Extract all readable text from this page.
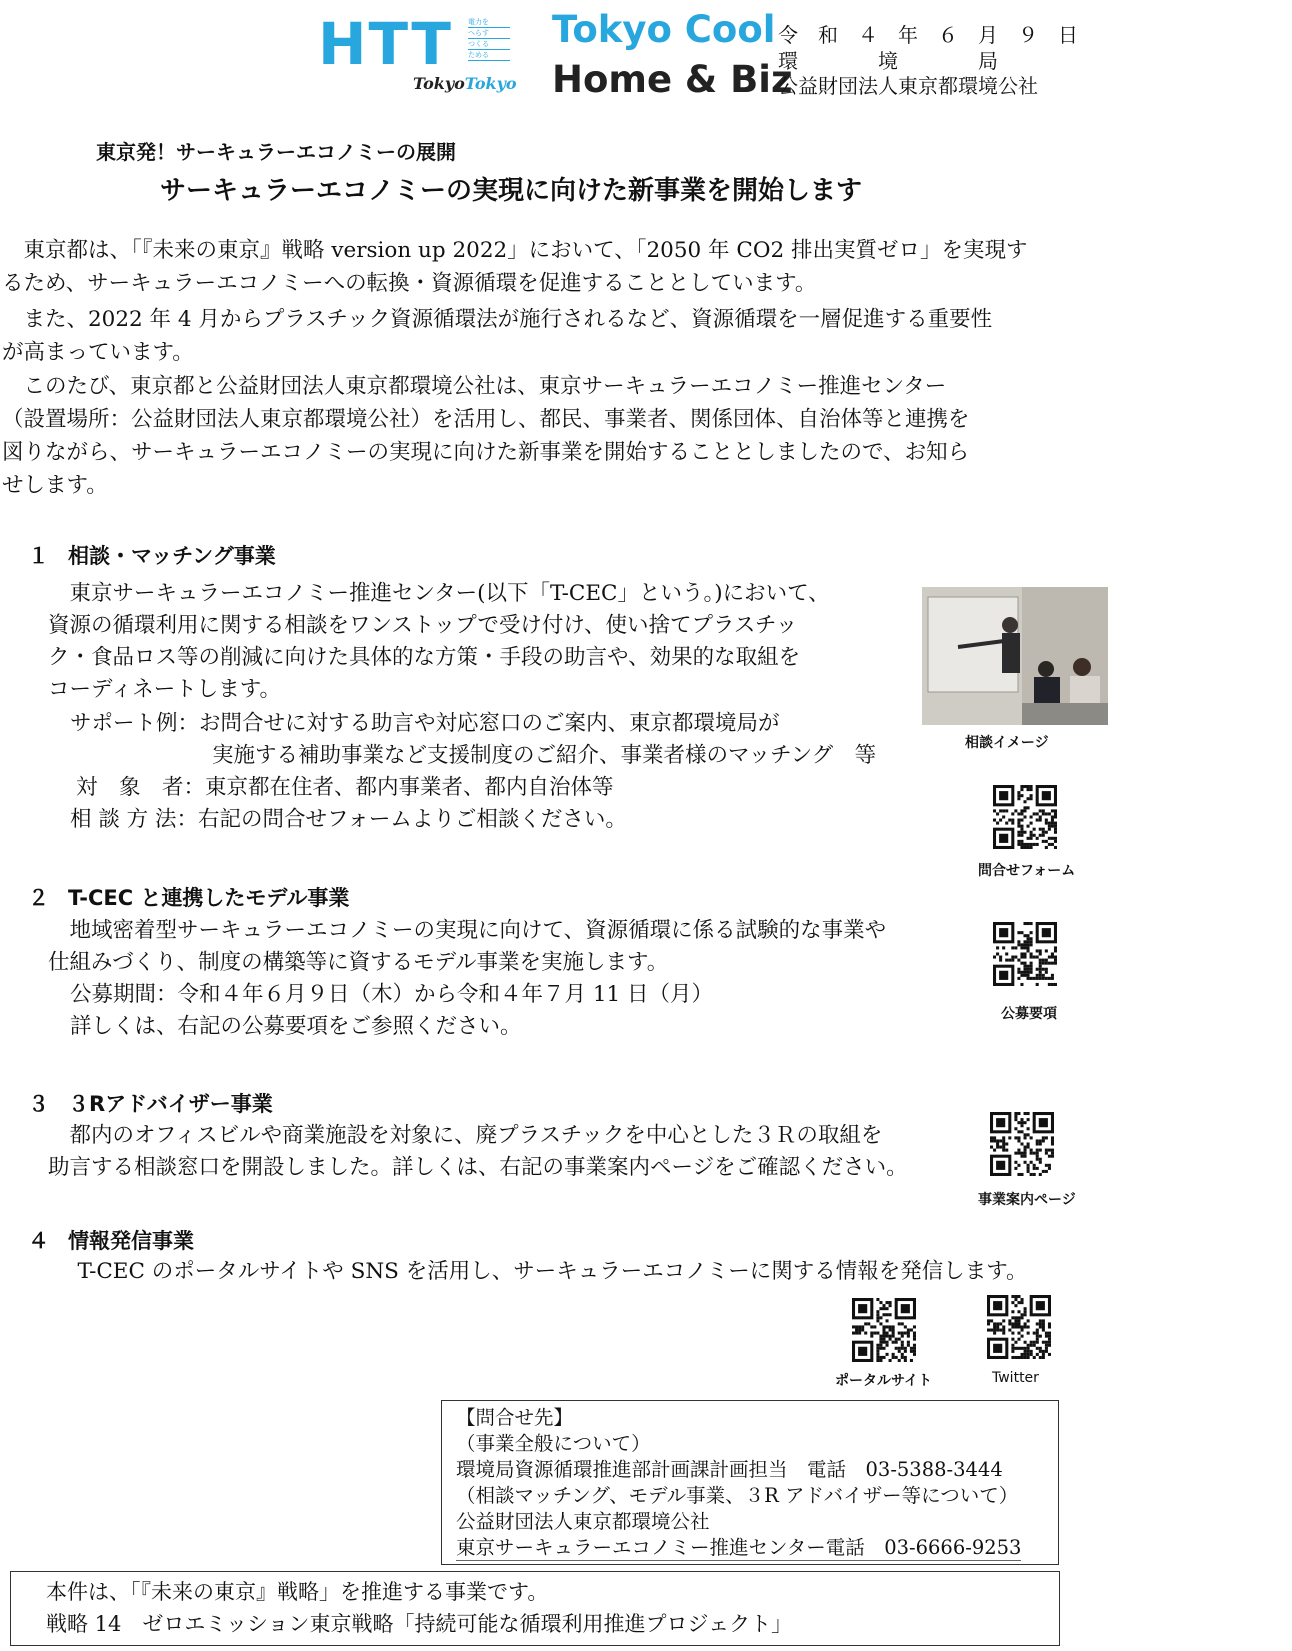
HTT 電力を
へらす
つくる
ためる
TokyoTokyo
Tokyo Cool
Home & Biz
令　和　４　年　６　月　９　日
環　　　　境　　　　局
公益財団法人東京都環境公社
東京発！サーキュラーエコノミーの展開
サーキュラーエコノミーの実現に向けた新事業を開始します
　東京都は、「『未来の東京』戦略 version up 2022」において、「2050 年 CO2 排出実質ゼロ」を実現す
るため、サーキュラーエコノミーへの転換・資源循環を促進することとしています。
　また、2022 年 4 月からプラスチック資源循環法が施行されるなど、資源循環を一層促進する重要性
が高まっています。
　このたび、東京都と公益財団法人東京都環境公社は、東京サーキュラーエコノミー推進センター
（設置場所：公益財団法人東京都環境公社）を活用し、都民、事業者、関係団体、自治体等と連携を
図りながら、サーキュラーエコノミーの実現に向けた新事業を開始することとしましたので、お知ら
せします。
１ 相談・マッチング事業
　東京サーキュラーエコノミー推進センター(以下「T-CEC」という。)において、
資源の循環利用に関する相談をワンストップで受け付け、使い捨てプラスチッ
ク・食品ロス等の削減に向けた具体的な方策・手段の助言や、効果的な取組を
コーディネートします。
サポート例：お問合せに対する助言や対応窓口のご案内、東京都環境局が
実施する補助事業など支援制度のご紹介、事業者様のマッチング　等
対　象　者：東京都在住者、都内事業者、都内自治体等
相 談 方 法：右記の問合せフォームよりご相談ください。
相談イメージ
問合せフォーム
２ T-CEC と連携したモデル事業
　地域密着型サーキュラーエコノミーの実現に向けて、資源循環に係る試験的な事業や
仕組みづくり、制度の構築等に資するモデル事業を実施します。
公募期間：令和４年６月９日（木）から令和４年７月 11 日（月）
詳しくは、右記の公募要項をご参照ください。	公募要項
３ ３Rアドバイザー事業
　都内のオフィスビルや商業施設を対象に、廃プラスチックを中心とした３Ｒの取組を
助言する相談窓口を開設しました。詳しくは、右記の事業案内ページをご確認ください。
事業案内ページ
４ 情報発信事業
　T-CEC のポータルサイトや SNS を活用し、サーキュラーエコノミーに関する情報を発信します。
ポータルサイト	Twitter
【問合せ先】
（事業全般について）
環境局資源循環推進部計画課計画担当　電話　03-5388-3444
（相談マッチング、モデル事業、３R アドバイザー等について）
公益財団法人東京都環境公社
東京サーキュラーエコノミー推進センター電話　03-6666-9253
本件は、「『未来の東京』戦略」を推進する事業です。
戦略 14　ゼロエミッション東京戦略「持続可能な循環利用推進プロジェクト」
